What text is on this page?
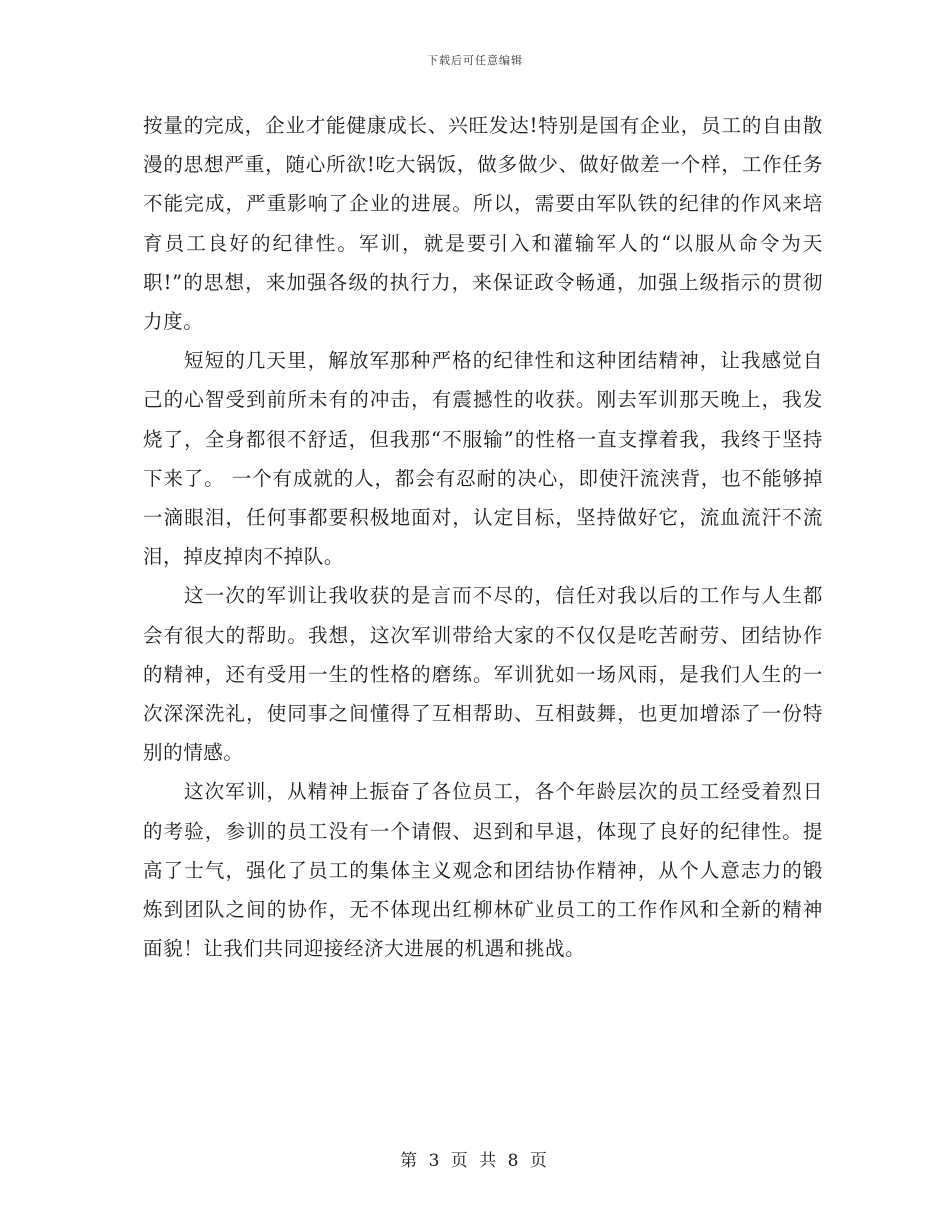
下载后可任意编辑

按量的完成，企业才能健康成长、兴旺发达!特别是国有企业，员工的自由散漫的思想严重，随心所欲!吃大锅饭，做多做少、做好做差一个样，工作任务不能完成，严重影响了企业的进展。所以，需要由军队铁的纪律的作风来培育员工良好的纪律性。军训，就是要引入和灌输军人的“以服从命令为天职!”的思想，来加强各级的执行力，来保证政令畅通，加强上级指示的贯彻力度。

短短的几天里，解放军那种严格的纪律性和这种团结精神，让我感觉自己的心智受到前所未有的冲击，有震撼性的收获。刚去军训那天晚上，我发烧了，全身都很不舒适，但我那“不服输”的性格一直支撑着我，我终于坚持下来了。 一个有成就的人，都会有忍耐的决心，即使汗流浃背，也不能够掉一滴眼泪，任何事都要积极地面对，认定目标，坚持做好它，流血流汗不流泪，掉皮掉肉不掉队。

这一次的军训让我收获的是言而不尽的，信任对我以后的工作与人生都会有很大的帮助。我想，这次军训带给大家的不仅仅是吃苦耐劳、团结协作的精神，还有受用一生的性格的磨练。军训犹如一场风雨，是我们人生的一次深深洗礼，使同事之间懂得了互相帮助、互相鼓舞，也更加增添了一份特别的情感。

这次军训，从精神上振奋了各位员工，各个年龄层次的员工经受着烈日的考验，参训的员工没有一个请假、迟到和早退，体现了良好的纪律性。提高了士气，强化了员工的集体主义观念和团结协作精神，从个人意志力的锻炼到团队之间的协作，无不体现出红柳林矿业员工的工作作风和全新的精神面貌！让我们共同迎接经济大进展的机遇和挑战。

第 3 页 共 8 页
